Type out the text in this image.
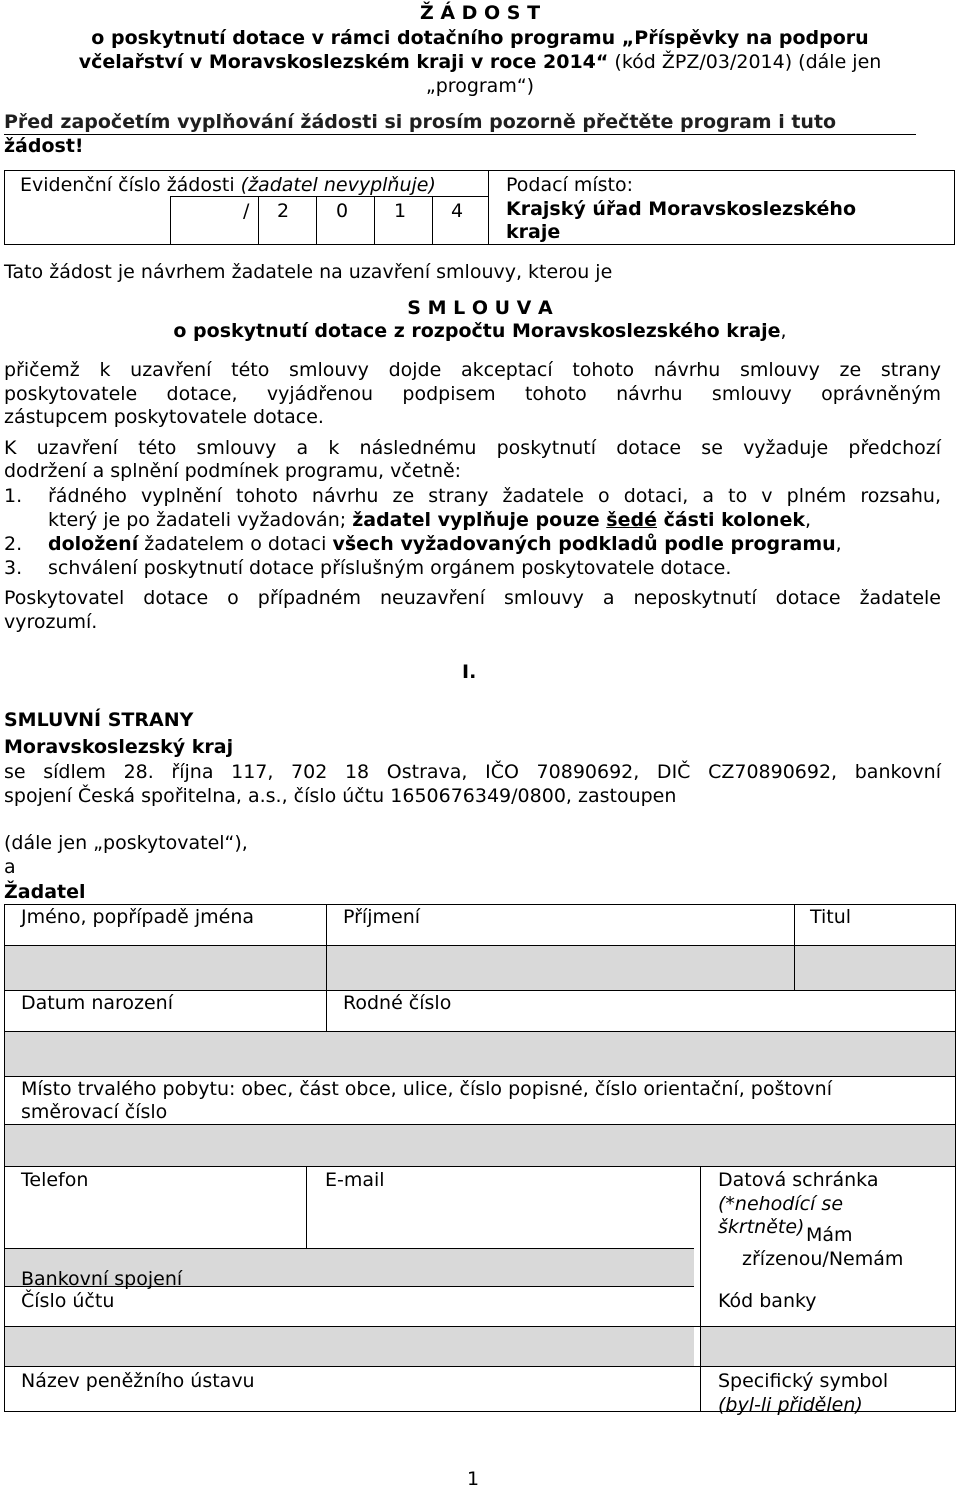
Ž Á D O S T
o poskytnutí dotace v rámci dotačního programu „Příspěvky na podporu
včelařství v Moravskoslezském kraji v roce 2014“ (kód ŽPZ/03/2014) (dále jen
„program“)
Před započetím vyplňování žádosti si prosím pozorně přečtěte program i tuto
žádost!
Evidenční číslo žádosti (žadatel nevyplňuje)
/ 2 0 1 4
Podací místo:
Krajský úřad Moravskoslezského
kraje
Tato žádost je návrhem žadatele na uzavření smlouvy, kterou je
S M L O U V A
o poskytnutí dotace z rozpočtu Moravskoslezského kraje,
přičemž k uzavření této smlouvy dojde akceptací tohoto návrhu smlouvy ze strany
poskytovatele dotace, vyjádřenou podpisem tohoto návrhu smlouvy oprávněným
zástupcem poskytovatele dotace.
K uzavření této smlouvy a k následnému poskytnutí dotace se vyžaduje předchozí
dodržení a splnění podmínek programu, včetně:
1. řádného vyplnění tohoto návrhu ze strany žadatele o dotaci, a to v plném rozsahu,
který je po žadateli vyžadován; žadatel vyplňuje pouze šedé části kolonek,
2. doložení žadatelem o dotaci všech vyžadovaných podkladů podle programu,
3. schválení poskytnutí dotace příslušným orgánem poskytovatele dotace.
Poskytovatel dotace o případném neuzavření smlouvy a neposkytnutí dotace žadatele
vyrozumí.
I.
SMLUVNÍ STRANY
Moravskoslezský kraj
se sídlem 28. října 117, 702 18 Ostrava, IČO 70890692, DIČ CZ70890692, bankovní
spojení Česká spořitelna, a.s., číslo účtu 1650676349/0800, zastoupen
(dále jen „poskytovatel“),
a
Žadatel
Jméno, popřípadě jména	Příjmení	Titul
Datum narození	Rodné číslo
Místo trvalého pobytu: obec, část obce, ulice, číslo popisné, číslo orientační, poštovní
směrovací číslo
Telefon	E-mail	Datová schránka
(*nehodící se
škrtněte) Mám
zřízenou/Nemám
Bankovní spojení
Číslo účtu	Kód banky
Název peněžního ústavu	Specifický symbol
(byl-li přidělen)
1
